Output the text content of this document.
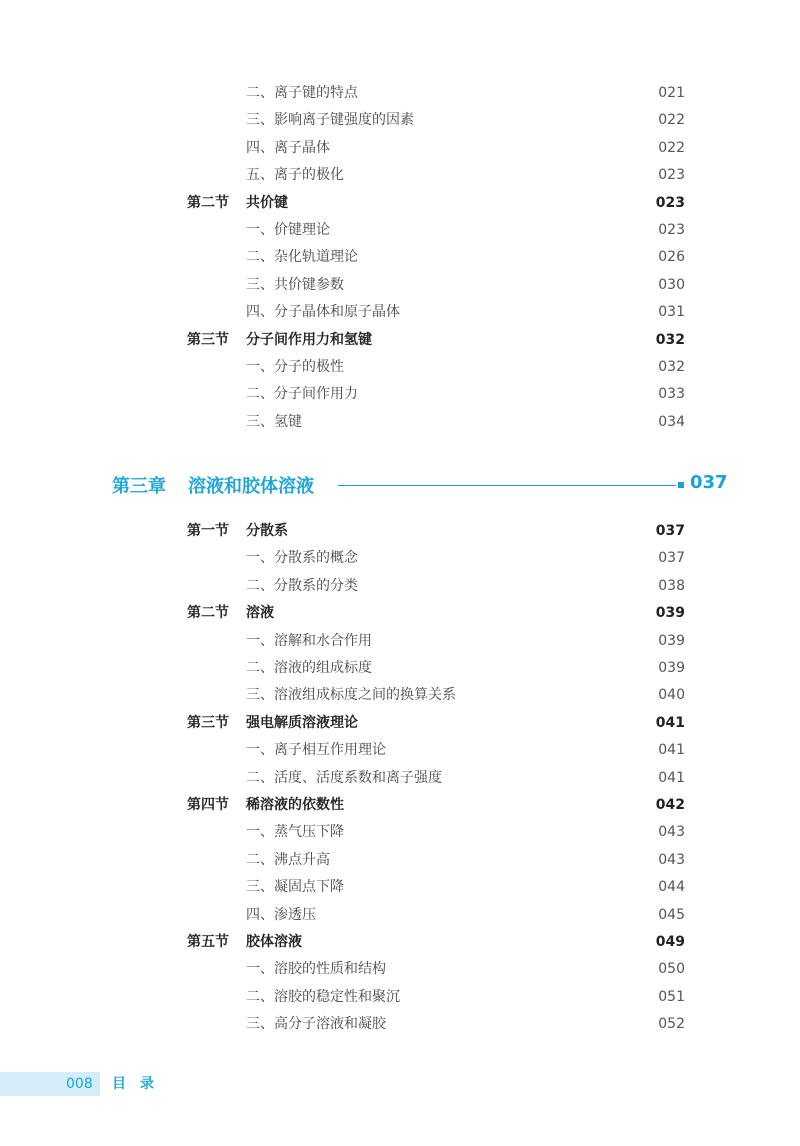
二、离子键的特点	021
三、影响离子键强度的因素	022
四、离子晶体	022
五、离子的极化	023
第二节 共价键	023
一、价键理论	023
二、杂化轨道理论	026
三、共价键参数	030
四、分子晶体和原子晶体	031
第三节 分子间作用力和氢键	032
一、分子的极性	032
二、分子间作用力	033
三、氢键	034
第三章 溶液和胶体溶液	037
第一节 分散系	037
一、分散系的概念	037
二、分散系的分类	038
第二节 溶液	039
一、溶解和水合作用	039
二、溶液的组成标度	039
三、溶液组成标度之间的换算关系	040
第三节 强电解质溶液理论	041
一、离子相互作用理论	041
二、活度、活度系数和离子强度	041
第四节 稀溶液的依数性	042
一、蒸气压下降	043
二、沸点升高	043
三、凝固点下降	044
四、渗透压	045
第五节 胶体溶液	049
一、溶胶的性质和结构	050
二、溶胶的稳定性和聚沉	051
三、高分子溶液和凝胶	052
008 目录
